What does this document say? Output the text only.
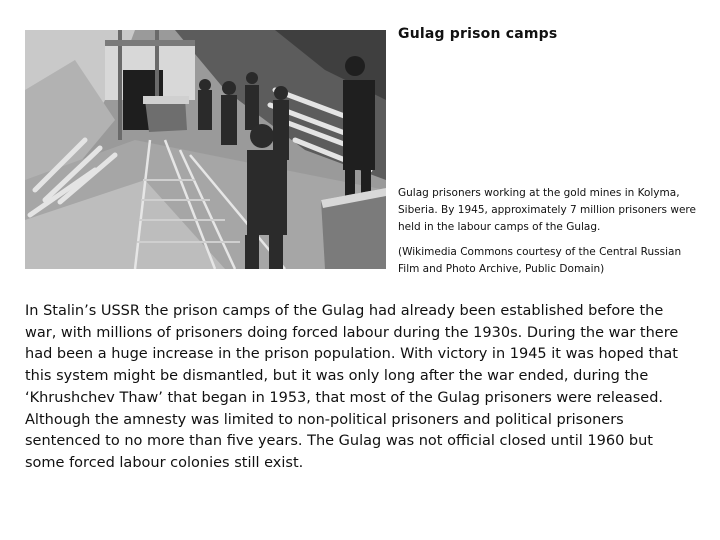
Gulag prison camps
Gulag prisoners working at the gold mines in Kolyma, Siberia. By 1945, approximately 7 million prisoners were held in the labour camps of the Gulag.
(Wikimedia Commons courtesy of the Central Russian Film and Photo Archive, Public Domain)
In Stalin’s USSR the prison camps of the Gulag had already been established before the war, with millions of prisoners doing forced labour during the 1930s. During the war there had been a huge increase in the prison population. With victory in 1945 it was hoped that this system might be dismantled, but it was only long after the war ended, during the ‘Khrushchev Thaw’ that began in 1953, that most of the Gulag prisoners were released. Although the amnesty was limited to non-political prisoners and political prisoners sentenced to no more than five years. The Gulag was not official closed until 1960 but some forced labour colonies still exist.
